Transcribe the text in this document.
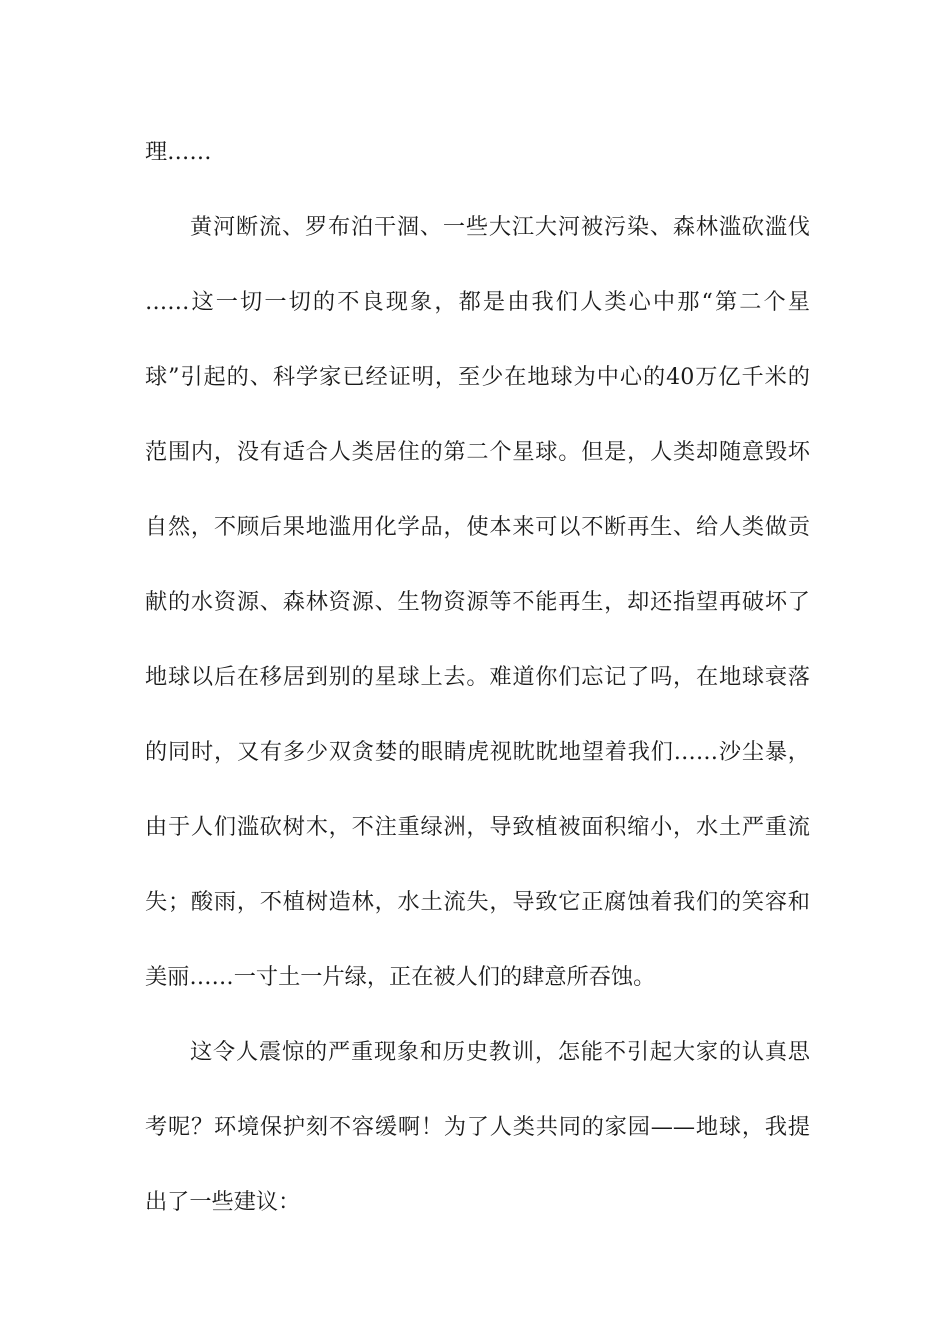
理……
黄河断流、罗布泊干涸、一些大江大河被污染、森林滥砍滥伐
……这一切一切的不良现象，都是由我们人类心中那“第二个星
球”引起的、科学家已经证明，至少在地球为中心的40万亿千米的
范围内，没有适合人类居住的第二个星球。但是，人类却随意毁坏
自然，不顾后果地滥用化学品，使本来可以不断再生、给人类做贡
献的水资源、森林资源、生物资源等不能再生，却还指望再破坏了
地球以后在移居到别的星球上去。难道你们忘记了吗，在地球衰落
的同时，又有多少双贪婪的眼睛虎视眈眈地望着我们……沙尘暴，
由于人们滥砍树木，不注重绿洲，导致植被面积缩小，水土严重流
失；酸雨，不植树造林，水土流失，导致它正腐蚀着我们的笑容和
美丽……一寸土一片绿，正在被人们的肆意所吞蚀。
这令人震惊的严重现象和历史教训，怎能不引起大家的认真思
考呢？环境保护刻不容缓啊！为了人类共同的家园——地球，我提
出了一些建议：
